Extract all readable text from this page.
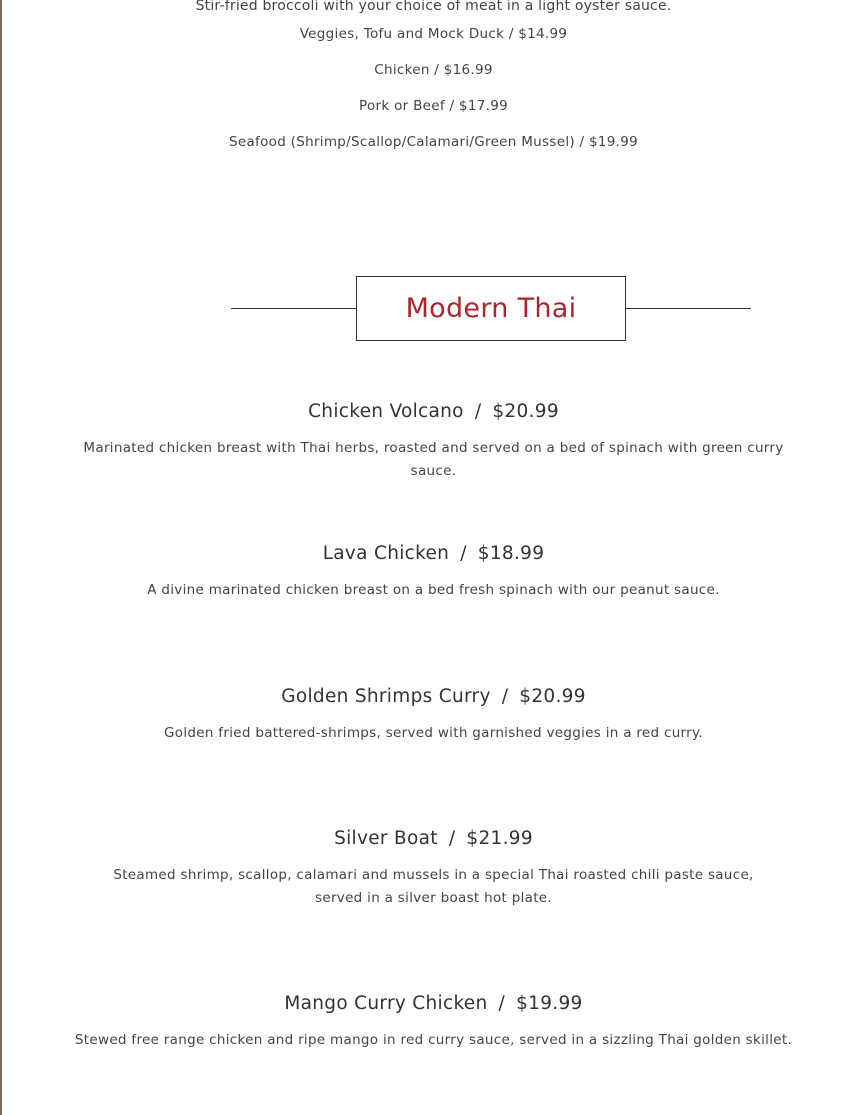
Stir-fried broccoli with your choice of meat in a light oyster sauce.

Veggies, Tofu and Mock Duck / $14.99

Chicken / $16.99

Pork or Beef / $17.99

Seafood (Shrimp/Scallop/Calamari/Green Mussel) / $19.99

Modern Thai

Chicken Volcano / $20.99

Marinated chicken breast with Thai herbs, roasted and served on a bed of spinach with green curry sauce.

Lava Chicken / $18.99

A divine marinated chicken breast on a bed fresh spinach with our peanut sauce.

Golden Shrimps Curry / $20.99

Golden fried battered-shrimps, served with garnished veggies in a red curry.

Silver Boat / $21.99

Steamed shrimp, scallop, calamari and mussels in a special Thai roasted chili paste sauce, served in a silver boast hot plate.

Mango Curry Chicken / $19.99

Stewed free range chicken and ripe mango in red curry sauce, served in a sizzling Thai golden skillet.
